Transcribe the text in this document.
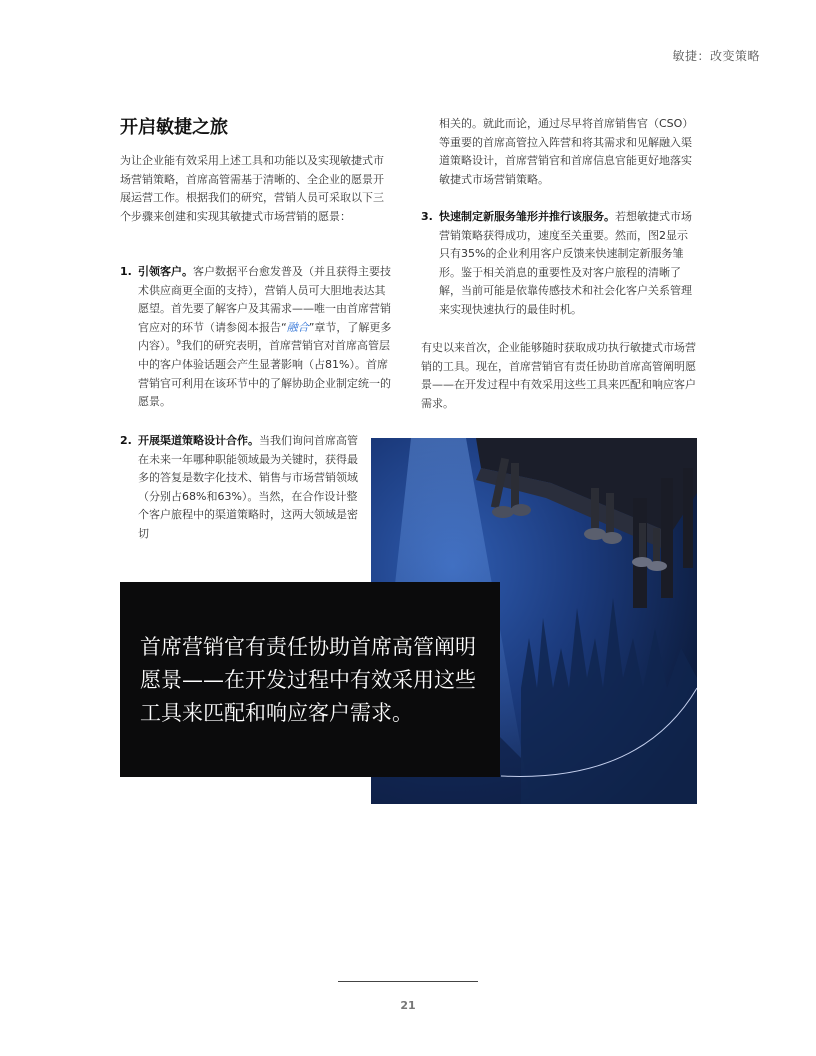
敏捷：改变策略
开启敏捷之旅

为让企业能有效采用上述工具和功能以及实现敏捷式市场营销策略，首席高管需基于清晰的、全企业的愿景开展运营工作。根据我们的研究，营销人员可采取以下三个步骤来创建和实现其敏捷式市场营销的愿景：

1. 引领客户。客户数据平台愈发普及（并且获得主要技术供应商更全面的支持），营销人员可大胆地表达其愿望。首先要了解客户及其需求——唯一由首席营销官应对的环节（请参阅本报告“融合”章节，了解更多内容）。$^9$我们的研究表明，首席营销官对首席高管层中的客户体验话题会产生显著影响（占81%）。首席营销官可利用在该环节中的了解协助企业制定统一的愿景。

2. 开展渠道策略设计合作。当我们询问首席高管在未来一年哪种职能领域最为关键时，获得最多的答复是数字化技术、销售与市场营销领域（分别占68%和63%）。当然，在合作设计整个客户旅程中的渠道策略时，这两大领域是密切

相关的。就此而论，通过尽早将首席销售官（CSO）等重要的首席高管拉入阵营和将其需求和见解融入渠道策略设计，首席营销官和首席信息官能更好地落实敏捷式市场营销策略。

3. 快速制定新服务雏形并推行该服务。若想敏捷式市场营销策略获得成功，速度至关重要。然而，图2显示只有35%的企业利用客户反馈来快速制定新服务雏形。鉴于相关消息的重要性及对客户旅程的清晰了解，当前可能是依靠传感技术和社会化客户关系管理来实现快速执行的最佳时机。

有史以来首次，企业能够随时获取成功执行敏捷式市场营销的工具。现在，首席营销官有责任协助首席高管阐明愿景——在开发过程中有效采用这些工具来匹配和响应客户需求。

首席营销官有责任协助首席高管阐明愿景——在开发过程中有效采用这些工具来匹配和响应客户需求。
21
